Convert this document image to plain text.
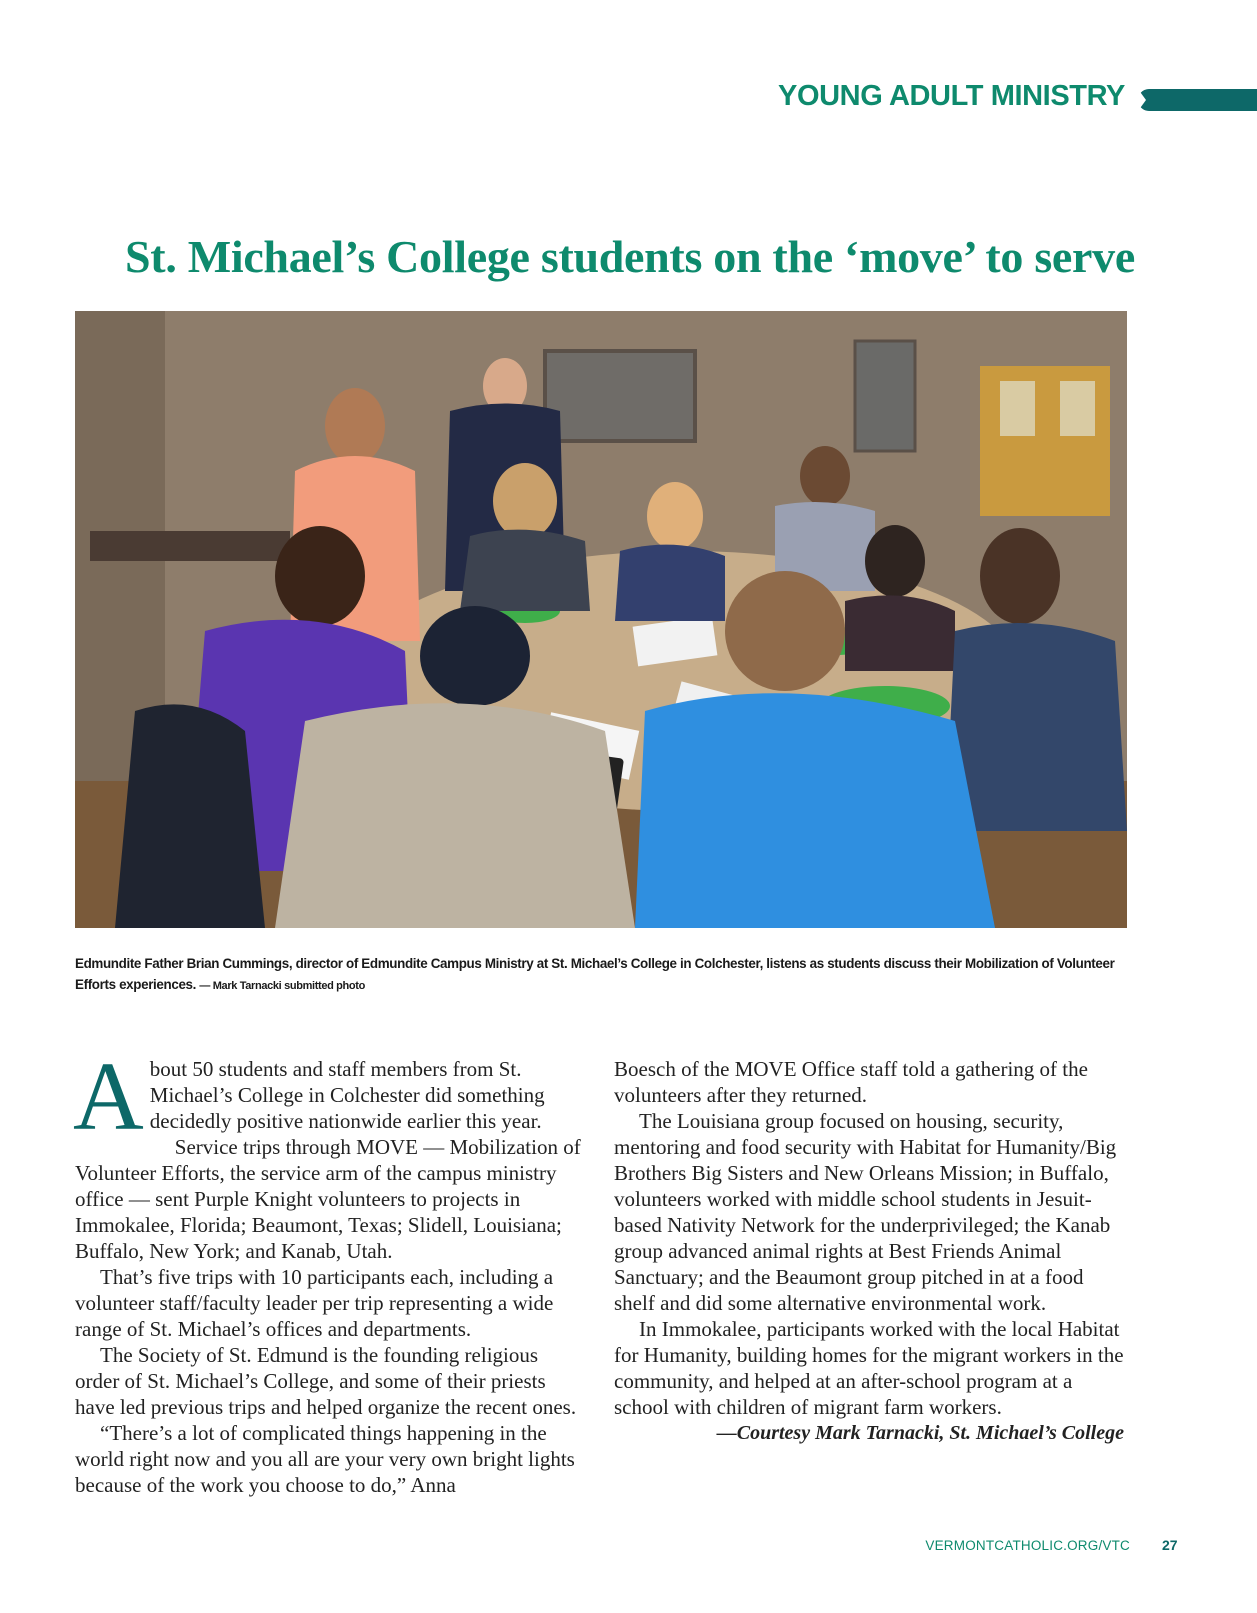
YOUNG ADULT MINISTRY
St. Michael’s College students on the ‘move’ to serve

Edmundite Father Brian Cummings, director of Edmundite Campus Ministry at St. Michael’s College in Colchester, listens as students discuss their Mobilization of Volunteer Efforts experiences. — Mark Tarnacki submitted photo

About 50 students and staff members from St. Michael’s College in Colchester did something decidedly positive nationwide earlier this year.

Service trips through MOVE — Mobilization of Volunteer Efforts, the service arm of the campus ministry office — sent Purple Knight volunteers to projects in Immokalee, Florida; Beaumont, Texas; Slidell, Louisiana; Buffalo, New York; and Kanab, Utah.

That’s five trips with 10 participants each, including a volunteer staff/faculty leader per trip representing a wide range of St. Michael’s offices and departments.

The Society of St. Edmund is the founding religious order of St. Michael’s College, and some of their priests have led previous trips and helped organize the recent ones.

“There’s a lot of complicated things happening in the world right now and you all are your very own bright lights because of the work you choose to do,” Anna

Boesch of the MOVE Office staff told a gathering of the volunteers after they returned.

The Louisiana group focused on housing, security, mentoring and food security with Habitat for Humanity/Big Brothers Big Sisters and New Orleans Mission; in Buffalo, volunteers worked with middle school students in Jesuit-based Nativity Network for the underprivileged; the Kanab group advanced animal rights at Best Friends Animal Sanctuary; and the Beaumont group pitched in at a food shelf and did some alternative environmental work.

In Immokalee, participants worked with the local Habitat for Humanity, building homes for the migrant workers in the community, and helped at an after-school program at a school with children of migrant farm workers.

—Courtesy Mark Tarnacki, St. Michael’s College

VERMONTCATHOLIC.ORG/VTC 27
